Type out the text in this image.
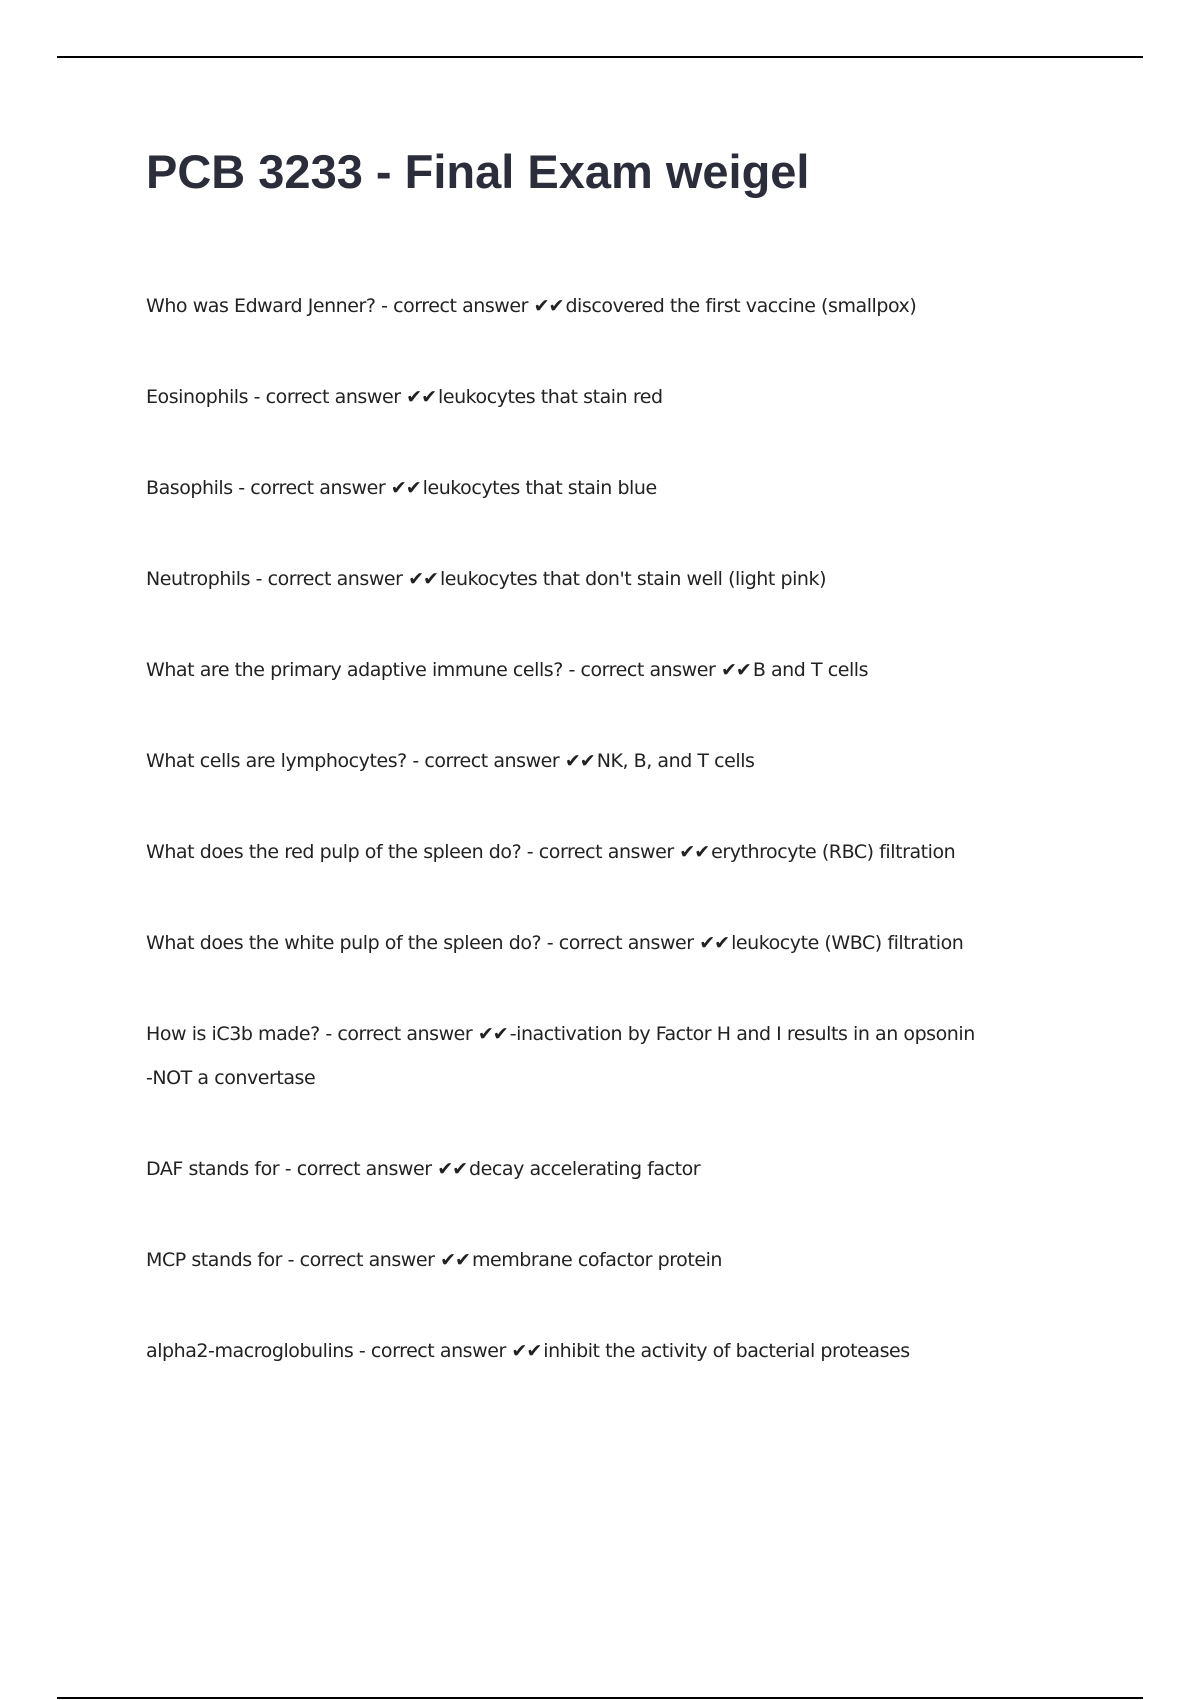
PCB 3233 - Final Exam weigel

Who was Edward Jenner? - correct answer ✔✔ discovered the first vaccine (smallpox)

Eosinophils - correct answer ✔✔ leukocytes that stain red

Basophils - correct answer ✔✔ leukocytes that stain blue

Neutrophils - correct answer ✔✔ leukocytes that don't stain well (light pink)

What are the primary adaptive immune cells? - correct answer ✔✔ B and T cells

What cells are lymphocytes? - correct answer ✔✔ NK, B, and T cells

What does the red pulp of the spleen do? - correct answer ✔✔ erythrocyte (RBC) filtration

What does the white pulp of the spleen do? - correct answer ✔✔ leukocyte (WBC) filtration

How is iC3b made? - correct answer ✔✔ -inactivation by Factor H and I results in an opsonin

-NOT a convertase

DAF stands for - correct answer ✔✔ decay accelerating factor

MCP stands for - correct answer ✔✔ membrane cofactor protein

alpha2-macroglobulins - correct answer ✔✔ inhibit the activity of bacterial proteases
